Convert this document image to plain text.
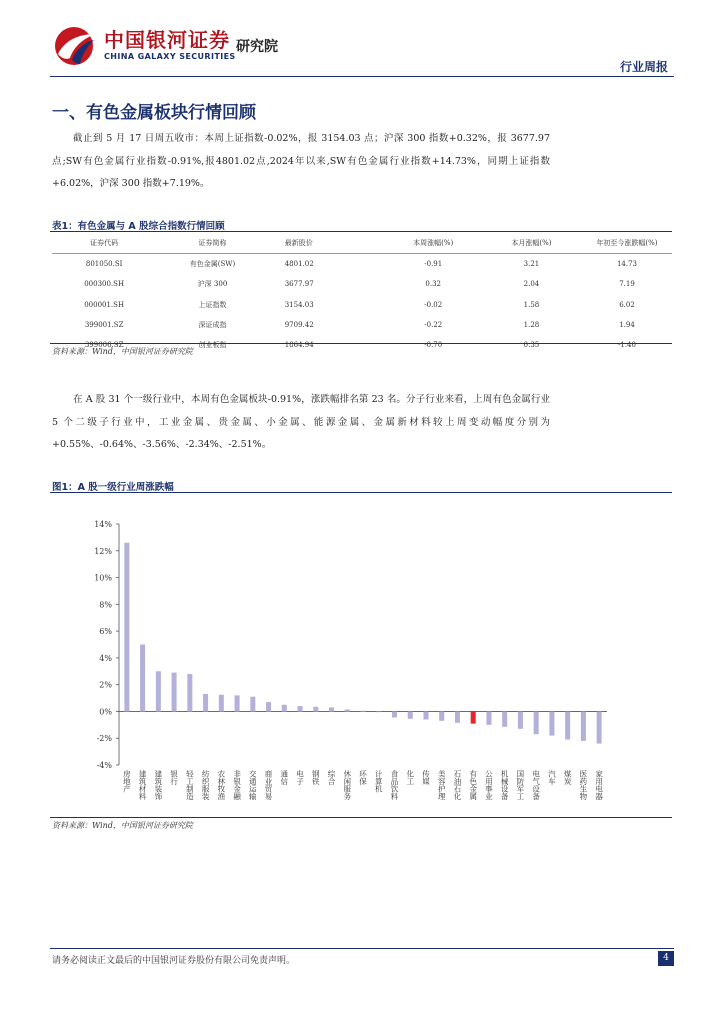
中国银河证券 研究院
CHINA GALAXY SECURITIES
行业周报
一、有色金属板块行情回顾

截止到 5 月 17 日周五收市：本周上证指数-0.02%，报 3154.03 点；沪深 300 指数+0.32%，报 3677.97点;SW有色金属行业指数-0.91%,报4801.02点,2024年以来,SW有色金属行业指数+14.73%，同期上证指数+6.02%，沪深 300 指数+7.19%。

表1：有色金属与 A 股综合指数行情回顾
证券代码	证券简称	最新股价	本周涨幅(%)	本月涨幅(%)	年初至今涨跌幅(%)
801050.SI	有色金属(SW)	4801.02	-0.91	3.21	14.73
000300.SH	沪深 300	3677.97	0.32	2.04	7.19
000001.SH	上证指数	3154.03	-0.02	1.58	6.02
399001.SZ	深证成指	9709.42	-0.22	1.28	1.94
399006.SZ	创业板指	1864.94	-0.70	0.35	-1.40
资料来源：Wind，中国银河证券研究院

在 A 股 31 个一级行业中，本周有色金属板块-0.91%，涨跌幅排名第 23 名。分子行业来看，上周有色金属行业 5 个二级子行业中，工业金属、贵金属、小金属、能源金属、金属新材料较上周变动幅度分别为+0.55%、-0.64%、-3.56%、-2.34%、-2.51%。

图1：A 股一级行业周涨跌幅
-4%
-2%
0%
2%
4%
6%
8%
10%
12%
14%
房地产 建筑材料 建筑装饰 银行 轻工制造 纺织服装 农林牧渔 非银金融 交通运输 商业贸易 通信 电子 钢铁 综合 休闲服务 环保 计算机 食品饮料 化工 传媒 美容护理 石油石化 有色金属 公用事业 机械设备 国防军工 电气设备 汽车 煤炭 医药生物 家用电器
资料来源：Wind，中国银河证券研究院
请务必阅读正文最后的中国银河证券股份有限公司免责声明。	4
